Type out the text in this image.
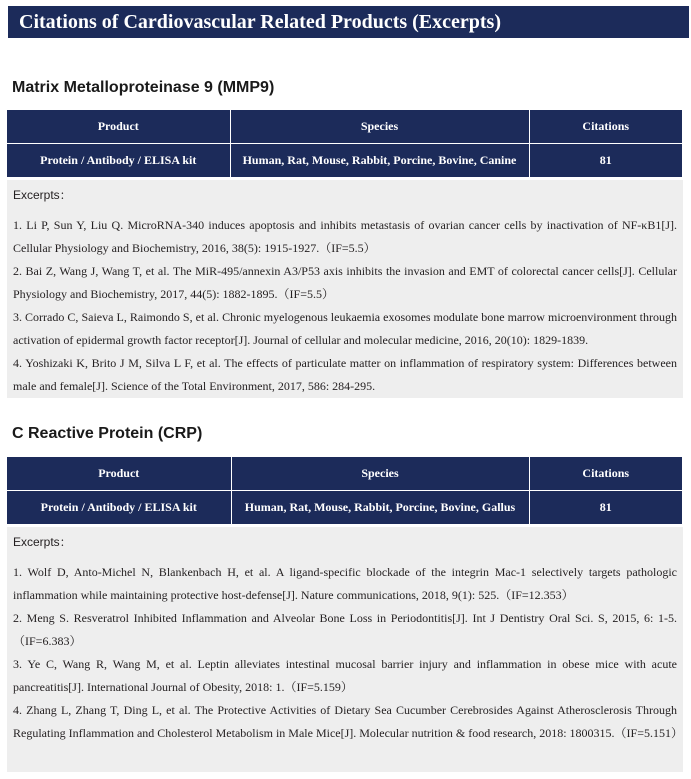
Citations of Cardiovascular Related Products (Excerpts)
Matrix Metalloproteinase 9 (MMP9)
Product	Species	Citations
Protein / Antibody / ELISA kit	Human, Rat, Mouse, Rabbit, Porcine, Bovine, Canine	81
Excerpts：
1. Li P, Sun Y, Liu Q. MicroRNA-340 induces apoptosis and inhibits metastasis of ovarian cancer cells by inactivation of NF-κB1[J]. Cellular Physiology and Biochemistry, 2016, 38(5): 1915-1927.（IF=5.5）
2. Bai Z, Wang J, Wang T, et al. The MiR-495/annexin A3/P53 axis inhibits the invasion and EMT of colorectal cancer cells[J]. Cellular Physiology and Biochemistry, 2017, 44(5): 1882-1895.（IF=5.5）
3. Corrado C, Saieva L, Raimondo S, et al. Chronic myelogenous leukaemia exosomes modulate bone marrow microenvironment through activation of epidermal growth factor receptor[J]. Journal of cellular and molecular medicine, 2016, 20(10): 1829-1839.
4. Yoshizaki K, Brito J M, Silva L F, et al. The effects of particulate matter on inflammation of respiratory system: Differences between male and female[J]. Science of the Total Environment, 2017, 586: 284-295.
C Reactive Protein (CRP)
Product	Species	Citations
Protein / Antibody / ELISA kit	Human, Rat, Mouse, Rabbit, Porcine, Bovine, Gallus	81
Excerpts：
1. Wolf D, Anto-Michel N, Blankenbach H, et al. A ligand-specific blockade of the integrin Mac-1 selectively targets pathologic inflammation while maintaining protective host-defense[J]. Nature communications, 2018, 9(1): 525.（IF=12.353）
2. Meng S. Resveratrol Inhibited Inflammation and Alveolar Bone Loss in Periodontitis[J]. Int J Dentistry Oral Sci. S, 2015, 6: 1-5.（IF=6.383）
3. Ye C, Wang R, Wang M, et al. Leptin alleviates intestinal mucosal barrier injury and inflammation in obese mice with acute pancreatitis[J]. International Journal of Obesity, 2018: 1.（IF=5.159）
4. Zhang L, Zhang T, Ding L, et al. The Protective Activities of Dietary Sea Cucumber Cerebrosides Against Atherosclerosis Through Regulating Inflammation and Cholesterol Metabolism in Male Mice[J]. Molecular nutrition & food research, 2018: 1800315.（IF=5.151）
